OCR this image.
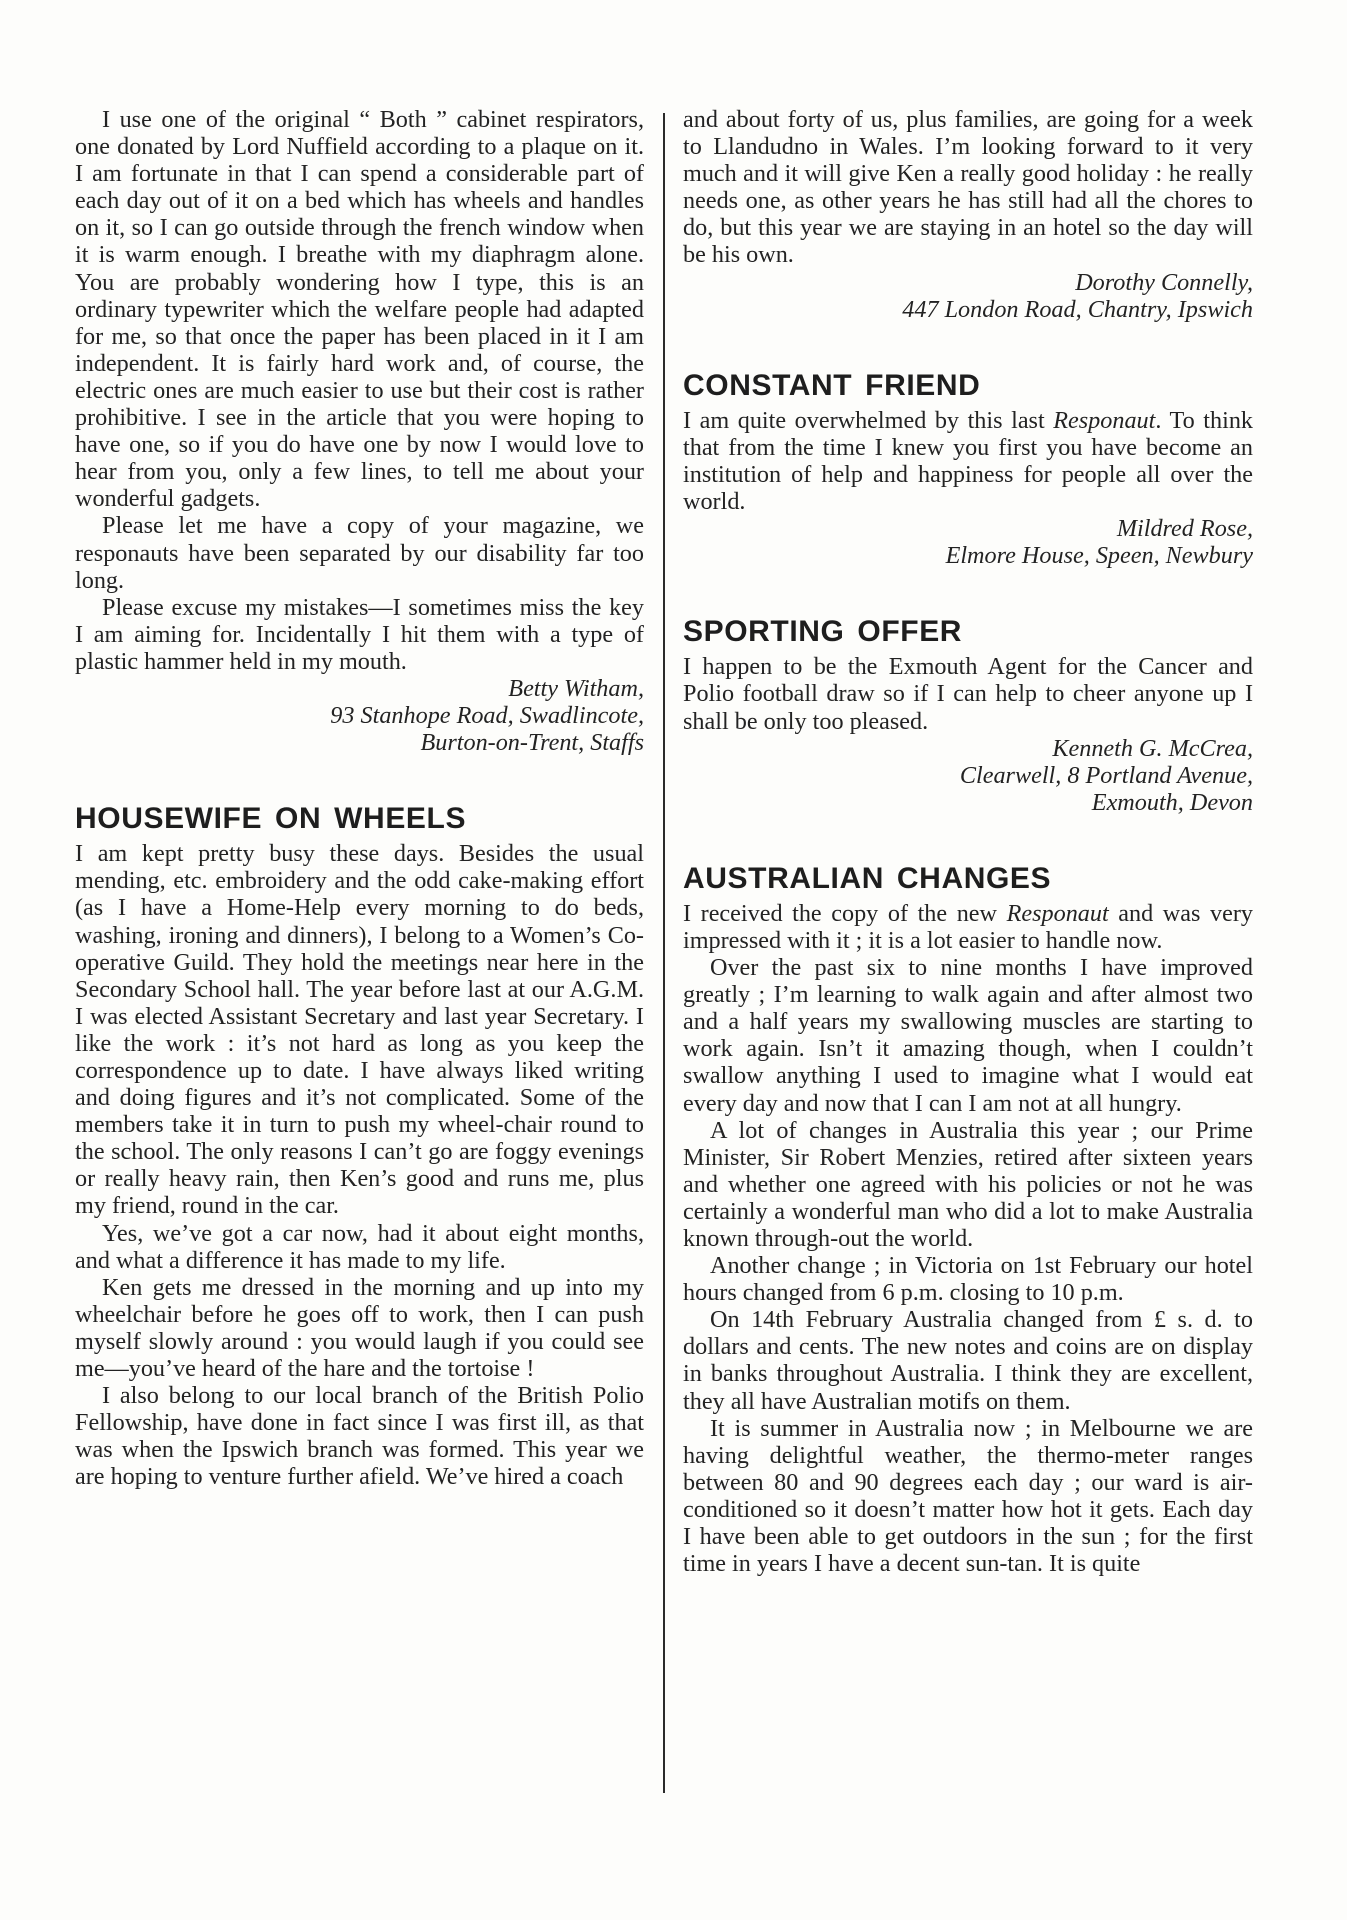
I use one of the original “ Both ” cabinet respirators, one donated by Lord Nuffield according to a plaque on it. I am fortunate in that I can spend a considerable part of each day out of it on a bed which has wheels and handles on it, so I can go outside through the french window when it is warm enough. I breathe with my diaphragm alone. You are probably wondering how I type, this is an ordinary typewriter which the welfare people had adapted for me, so that once the paper has been placed in it I am independent. It is fairly hard work and, of course, the electric ones are much easier to use but their cost is rather prohibitive. I see in the article that you were hoping to have one, so if you do have one by now I would love to hear from you, only a few lines, to tell me about your wonderful gadgets.

Please let me have a copy of your magazine, we responauts have been separated by our disability far too long.

Please excuse my mistakes—I sometimes miss the key I am aiming for. Incidentally I hit them with a type of plastic hammer held in my mouth.

Betty Witham,
93 Stanhope Road, Swadlincote,
Burton-on-Trent, Staffs
HOUSEWIFE ON WHEELS

I am kept pretty busy these days. Besides the usual mending, etc. embroidery and the odd cake-making effort (as I have a Home-Help every morning to do beds, washing, ironing and dinners), I belong to a Women’s Co-operative Guild. They hold the meetings near here in the Secondary School hall. The year before last at our A.G.M. I was elected Assistant Secretary and last year Secretary. I like the work : it’s not hard as long as you keep the correspondence up to date. I have always liked writing and doing figures and it’s not complicated. Some of the members take it in turn to push my wheel-chair round to the school. The only reasons I can’t go are foggy evenings or really heavy rain, then Ken’s good and runs me, plus my friend, round in the car.

Yes, we’ve got a car now, had it about eight months, and what a difference it has made to my life.

Ken gets me dressed in the morning and up into my wheelchair before he goes off to work, then I can push myself slowly around : you would laugh if you could see me—you’ve heard of the hare and the tortoise !

I also belong to our local branch of the British Polio Fellowship, have done in fact since I was first ill, as that was when the Ipswich branch was formed. This year we are hoping to venture further afield. We’ve hired a coach

and about forty of us, plus families, are going for a week to Llandudno in Wales. I’m looking forward to it very much and it will give Ken a really good holiday : he really needs one, as other years he has still had all the chores to do, but this year we are staying in an hotel so the day will be his own.

Dorothy Connelly,
447 London Road, Chantry, Ipswich
CONSTANT FRIEND

I am quite overwhelmed by this last Responaut. To think that from the time I knew you first you have become an institution of help and happiness for people all over the world.

Mildred Rose,
Elmore House, Speen, Newbury
SPORTING OFFER

I happen to be the Exmouth Agent for the Cancer and Polio football draw so if I can help to cheer anyone up I shall be only too pleased.

Kenneth G. McCrea,
Clearwell, 8 Portland Avenue,
Exmouth, Devon
AUSTRALIAN CHANGES

I received the copy of the new Responaut and was very impressed with it ; it is a lot easier to handle now.

Over the past six to nine months I have improved greatly ; I’m learning to walk again and after almost two and a half years my swallowing muscles are starting to work again. Isn’t it amazing though, when I couldn’t swallow anything I used to imagine what I would eat every day and now that I can I am not at all hungry.

A lot of changes in Australia this year ; our Prime Minister, Sir Robert Menzies, retired after sixteen years and whether one agreed with his policies or not he was certainly a wonderful man who did a lot to make Australia known through-out the world.

Another change ; in Victoria on 1st February our hotel hours changed from 6 p.m. closing to 10 p.m.

On 14th February Australia changed from £ s. d. to dollars and cents. The new notes and coins are on display in banks throughout Australia. I think they are excellent, they all have Australian motifs on them.

It is summer in Australia now ; in Melbourne we are having delightful weather, the thermo-meter ranges between 80 and 90 degrees each day ; our ward is air-conditioned so it doesn’t matter how hot it gets. Each day I have been able to get outdoors in the sun ; for the first time in years I have a decent sun-tan. It is quite
